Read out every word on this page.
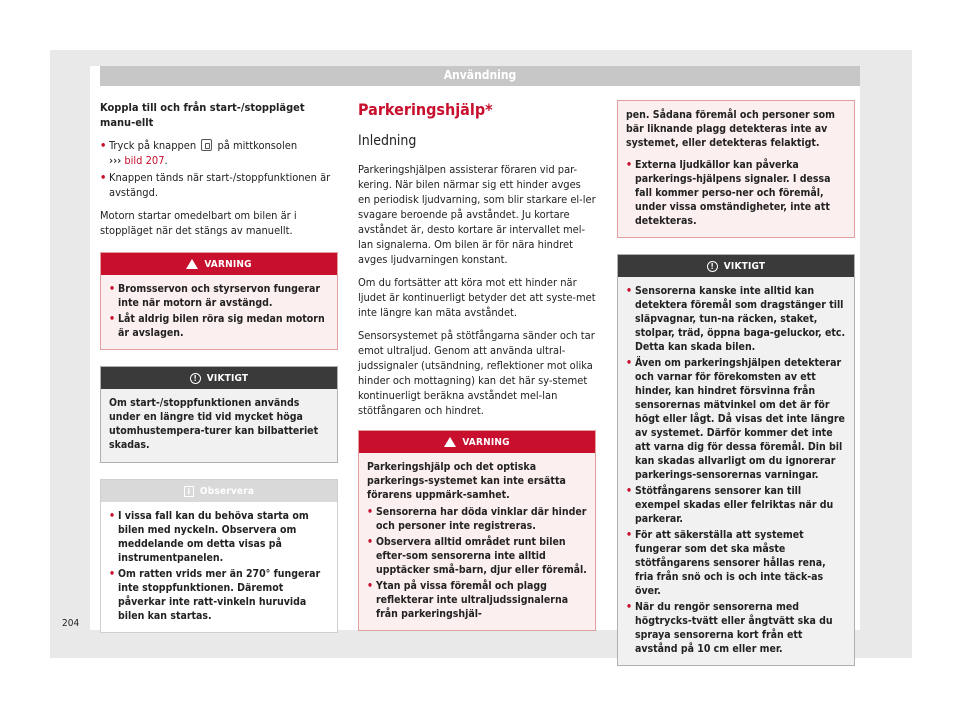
Användning

Koppla till och från start-/stoppläget manu-ellt

• Tryck på knappen på mittkonsolen
››› bild 207.
• Knappen tänds när start-/stoppfunktionen är avstängd.

Motorn startar omedelbart om bilen är i stoppläget när det stängs av manuellt.

VARNING
• Bromsservon och styrservon fungerar inte när motorn är avstängd.
• Låt aldrig bilen röra sig medan motorn är avslagen.
! VIKTIGT

Om start-/stoppfunktionen används under en längre tid vid mycket höga utomhustempera-turer kan bilbatteriet skadas.

i Observera
• I vissa fall kan du behöva starta om bilen med nyckeln. Observera om meddelande om detta visas på instrumentpanelen.
• Om ratten vrids mer än 270° fungerar inte stoppfunktionen. Däremot påverkar inte ratt-vinkeln huruvida bilen kan startas.
Parkeringshjälp*
Inledning

Parkeringshjälpen assisterar föraren vid par-kering. När bilen närmar sig ett hinder avges en periodisk ljudvarning, som blir starkare el-ler svagare beroende på avståndet. Ju kortare avståndet är, desto kortare är intervallet mel-lan signalerna. Om bilen är för nära hindret avges ljudvarningen konstant.

Om du fortsätter att köra mot ett hinder när ljudet är kontinuerligt betyder det att syste-met inte längre kan mäta avståndet.

Sensorsystemet på stötfångarna sänder och tar emot ultraljud. Genom att använda ultral-judssignaler (utsändning, reflektioner mot olika hinder och mottagning) kan det här sy-stemet kontinuerligt beräkna avståndet mel-lan stötfångaren och hindret.

VARNING

Parkeringshjälp och det optiska parkerings-systemet kan inte ersätta förarens uppmärk-samhet.

• Sensorerna har döda vinklar där hinder och personer inte registreras.
• Observera alltid området runt bilen efter-som sensorerna inte alltid upptäcker små-barn, djur eller föremål.
• Ytan på vissa föremål och plagg reflekterar inte ultraljudssignalerna från parkeringshjäl-

pen. Sådana föremål och personer som bär liknande plagg detekteras inte av systemet, eller detekteras felaktigt.

• Externa ljudkällor kan påverka parkerings-hjälpens signaler. I dessa fall kommer perso-ner och föremål, under vissa omständigheter, inte att detekteras.
! VIKTIGT
• Sensorerna kanske inte alltid kan detektera föremål som dragstänger till släpvagnar, tun-na räcken, staket, stolpar, träd, öppna baga-geluckor, etc. Detta kan skada bilen.
• Även om parkeringshjälpen detekterar och varnar för förekomsten av ett hinder, kan hindret försvinna från sensorernas mätvinkel om det är för högt eller lågt. Då visas det inte längre av systemet. Därför kommer det inte att varna dig för dessa föremål. Din bil kan skadas allvarligt om du ignorerar parkerings-sensorernas varningar.
• Stötfångarens sensorer kan till exempel skadas eller felriktas när du parkerar.
• För att säkerställa att systemet fungerar som det ska måste stötfångarens sensorer hållas rena, fria från snö och is och inte täck-as över.
• När du rengör sensorerna med högtrycks-tvätt eller ångtvätt ska du spraya sensorerna kort från ett avstånd på 10 cm eller mer.
204
